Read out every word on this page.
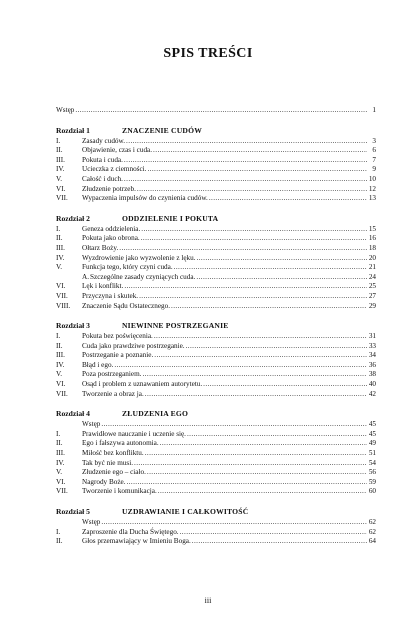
SPIS TREŚCI
Wstęp .....	1
Rozdział 1	ZNACZENIE CUDÓW
I.	Zasady cudów. .....	3
II.	Objawienie, czas i cuda. .....	6
III.	Pokuta i cuda. .....	7
IV.	Ucieczka z ciemności. .....	9
V.	Całość i duch. .....	10
VI.	Złudzenie potrzeb. .....	12
VII.	Wypaczenia impulsów do czynienia cudów. .....	13
Rozdział 2	ODDZIELENIE I POKUTA
I.	Geneza oddzielenia. .....	15
II.	Pokuta jako obrona. .....	16
III.	Ołtarz Boży. .....	18
IV.	Wyzdrowienie jako wyzwolenie z lęku. .....	20
V.	Funkcja tego, który czyni cuda. .....	21
A. Szczególne zasady czyniących cuda. .....	24
VI.	Lęk i konflikt. .....	25
VII.	Przyczyna i skutek. .....	27
VIII.	Znaczenie Sądu Ostatecznego. .....	29
Rozdział 3	NIEWINNE POSTRZEGANIE
I.	Pokuta bez poświęcenia. .....	31
II.	Cuda jako prawdziwe postrzeganie. .....	33
III.	Postrzeganie a poznanie. .....	34
IV.	Błąd i ego. .....	36
V.	Poza postrzeganiem. .....	38
VI.	Osąd i problem z uznawaniem autorytetu. .....	40
VII.	Tworzenie a obraz ja. .....	42
Rozdział 4	ZŁUDZENIA EGO
Wstęp .....	45
I.	Prawidłowe nauczanie i uczenie się. .....	45
II.	Ego i fałszywa autonomia. .....	49
III.	Miłość bez konfliktu. .....	51
IV.	Tak być nie musi. .....	54
V.	Złudzenie ego – ciało. .....	56
VI.	Nagrody Boże. .....	59
VII.	Tworzenie i komunikacja. .....	60
Rozdział 5	UZDRAWIANIE I CAŁKOWITOŚĆ
Wstęp .....	62
I.	Zaproszenie dla Ducha Świętego. .....	62
II.	Głos przemawiający w Imieniu Boga. .....	64
iii
